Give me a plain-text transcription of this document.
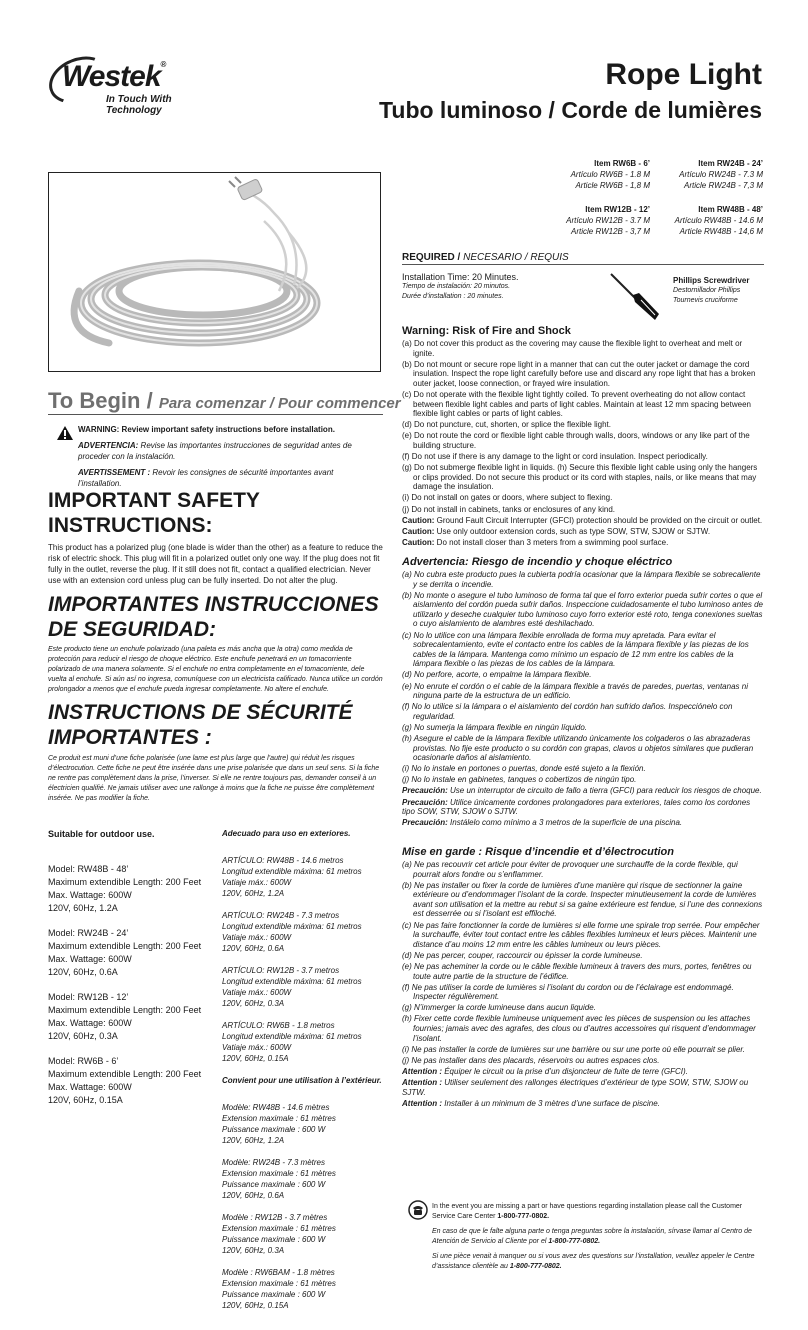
Westek®
In Touch With Technology
Rope Light
Tubo luminoso / Corde de lumières
To Begin / Para comenzar / Pour commencer

WARNING: Review important safety instructions before installation.

ADVERTENCIA: Revise las importantes instrucciones de seguridad antes de proceder con la instalación.

AVERTISSEMENT : Revoir les consignes de sécurité importantes avant l’installation.

IMPORTANT SAFETY INSTRUCTIONS:
This product has a polarized plug (one blade is wider than the other) as a feature to reduce the risk of electric shock. This plug will fit in a polarized outlet only one way. If the plug does not fit fully in the outlet, reverse the plug. If it still does not fit, contact a qualified electrician. Never use with an extension cord unless plug can be fully inserted. Do not alter the plug.
IMPORTANTES INSTRUCCIONES DE SEGURIDAD:
Este producto tiene un enchufe polarizado (una paleta es más ancha que la otra) como medida de protección para reducir el riesgo de choque eléctrico. Este enchufe penetrará en un tomacorriente polarizado de una manera solamente. Si el enchufe no entra completamente en el tomacorriente, dele vuelta al enchufe. Si aún así no ingresa, comuníquese con un electricista calificado. Nunca utilice un cordón prolongador a menos que el enchufe pueda ingresar completamente. No altere el enchufe.
INSTRUCTIONS DE SÉCURITÉ IMPORTANTES :
Ce produit est muni d’une fiche polarisée (une lame est plus large que l’autre) qui réduit les risques d’électrocution. Cette fiche ne peut être insérée dans une prise polarisée que dans un seul sens. Si la fiche ne rentre pas complètement dans la prise, l’inverser. Si elle ne rentre toujours pas, demander conseil à un électricien qualifié. Ne jamais utiliser avec une rallonge à moins que la fiche ne puisse être complètement insérée. Ne pas modifier la fiche.
Suitable for outdoor use.
Model: RW48B - 48’
Maximum extendible Length: 200 Feet
Max. Wattage: 600W
120V, 60Hz, 1.2A
Model: RW24B - 24’
Maximum extendible Length: 200 Feet
Max. Wattage: 600W
120V, 60Hz, 0.6A
Model: RW12B - 12’
Maximum extendible Length: 200 Feet
Max. Wattage: 600W
120V, 60Hz, 0.3A
Model: RW6B - 6’
Maximum extendible Length: 200 Feet
Max. Wattage: 600W
120V, 60Hz, 0.15A
Adecuado para uso en exteriores.
ARTÍCULO: RW48B - 14.6 metros
Longitud extendible máxima: 61 metros
Vatiaje máx.: 600W
120V, 60Hz, 1.2A
ARTÍCULO: RW24B - 7.3 metros
Longitud extendible máxima: 61 metros
Vatiaje máx.: 600W
120V, 60Hz, 0.6A
ARTÍCULO: RW12B - 3.7 metros
Longitud extendible máxima: 61 metros
Vatiaje máx.: 600W
120V, 60Hz, 0.3A
ARTÍCULO: RW6B - 1.8 metros
Longitud extendible máxima: 61 metros
Vatiaje máx.: 600W
120V, 60Hz, 0.15A
Convient pour une utilisation à l’extérieur.
Modèle: RW48B - 14.6 mètres
Extension maximale : 61 mètres
Puissance maximale : 600 W
120V, 60Hz, 1.2A
Modèle: RW24B - 7.3 mètres
Extension maximale : 61 mètres
Puissance maximale : 600 W
120V, 60Hz, 0.6A
Modèle : RW12B - 3.7 mètres
Extension maximale : 61 mètres
Puissance maximale : 600 W
120V, 60Hz, 0.3A
Modèle : RW6BAM - 1.8 mètres
Extension maximale : 61 mètres
Puissance maximale : 600 W
120V, 60Hz, 0.15A
Item RW6B - 6’
Artículo RW6B - 1.8 M
Article RW6B - 1,8 M
Item RW24B - 24’
Artículo RW24B - 7.3 M
Article RW24B - 7,3 M
Item RW12B - 12’
Artículo RW12B - 3.7 M
Article RW12B - 3,7 M
Item RW48B - 48’
Artículo RW48B - 14.6 M
Article RW48B - 14,6 M
REQUIRED / NECESARIO / REQUIS
Installation Time: 20 Minutes.
Tiempo de instalación: 20 minutos.
Durée d’installation : 20 minutes.
Phillips Screwdriver
Destornillador Phillips
Tournevis cruciforme
Warning: Risk of Fire and Shock

(a) Do not cover this product as the covering may cause the flexible light to overheat and melt or ignite.

(b) Do not mount or secure rope light in a manner that can cut the outer jacket or damage the cord insulation. Inspect the rope light carefully before use and discard any rope light that has a broken outer jacket, loose connection, or frayed wire insulation.

(c) Do not operate with the flexible light tightly coiled. To prevent overheating do not allow contact between flexible light cables and parts of light cables. Maintain at least 12 mm spacing between flexible light cables or parts of light cables.

(d) Do not puncture, cut, shorten, or splice the flexible light.

(e) Do not route the cord or flexible light cable through walls, doors, windows or any like part of the building structure.

(f) Do not use if there is any damage to the light or cord insulation. Inspect periodically.

(g) Do not submerge flexible light in liquids. (h) Secure this flexible light cable using only the hangers or clips provided. Do not secure this product or its cord with staples, nails, or like means that may damage the insulation.

(i) Do not install on gates or doors, where subject to flexing.

(j) Do not install in cabinets, tanks or enclosures of any kind.

Caution: Ground Fault Circuit Interrupter (GFCI) protection should be provided on the circuit or outlet.

Caution: Use only outdoor extension cords, such as type SOW, STW, SJOW or SJTW.

Caution: Do not install closer than 3 meters from a swimming pool surface.

Advertencia: Riesgo de incendio y choque eléctrico

(a) No cubra este producto pues la cubierta podría ocasionar que la lámpara flexible se sobrecaliente y se derrita o incendie.

(b) No monte o asegure el tubo luminoso de forma tal que el forro exterior pueda sufrir cortes o que el aislamiento del cordón pueda sufrir daños. Inspeccione cuidadosamente el tubo luminoso antes de utilizarlo y deseche cualquier tubo luminoso cuyo forro exterior esté roto, tenga conexiones sueltas o cuyo aislamiento de alambres esté deshilachado.

(c) No lo utilice con una lámpara flexible enrollada de forma muy apretada. Para evitar el sobrecalentamiento, evite el contacto entre los cables de la lámpara flexible y las piezas de los cables de la lámpara. Mantenga como mínimo un espacio de 12 mm entre los cables de la lámpara flexible o las piezas de los cables de la lámpara.

(d) No perfore, acorte, o empalme la lámpara flexible.

(e) No enrute el cordón o el cable de la lámpara flexible a través de paredes, puertas, ventanas ni ninguna parte de la estructura de un edificio.

(f) No lo utilice si la lámpara o el aislamiento del cordón han sufrido daños. Inspecciónelo con regularidad.

(g) No sumerja la lámpara flexible en ningún líquido.

(h) Asegure el cable de la lámpara flexible utilizando únicamente los colgaderos o las abrazaderas provistas. No fije este producto o su cordón con grapas, clavos u objetos similares que pudieran ocasionarle daños al aislamiento.

(i) No lo instale en portones o puertas, donde esté sujeto a la flexión.

(j) No lo instale en gabinetes, tanques o cobertizos de ningún tipo.

Precaución: Use un interruptor de circuito de fallo a tierra (GFCI) para reducir los riesgos de choque.

Precaución: Utilice únicamente cordones prolongadores para exteriores, tales como los cordones tipo SOW, STW, SJOW o SJTW.

Precaución: Instálelo como mínimo a 3 metros de la superficie de una piscina.

Mise en garde : Risque d’incendie et d’électrocution

(a) Ne pas recouvrir cet article pour éviter de provoquer une surchauffe de la corde flexible, qui pourrait alors fondre ou s’enflammer.

(b) Ne pas installer ou fixer la corde de lumières d’une manière qui risque de sectionner la gaine extérieure ou d’endommager l’isolant de la corde. Inspecter minutieusement la corde de lumières avant son utilisation et la mettre au rebut si sa gaine extérieure est fendue, si l’une des connexions est desserrée ou si l’isolant est effiloché.

(c) Ne pas faire fonctionner la corde de lumières si elle forme une spirale trop serrée. Pour empêcher la surchauffe, éviter tout contact entre les câbles flexibles lumineux et leurs pièces. Maintenir une distance d’au moins 12 mm entre les câbles lumineux ou leurs pièces.

(d) Ne pas percer, couper, raccourcir ou épisser la corde lumineuse.

(e) Ne pas acheminer la corde ou le câble flexible lumineux à travers des murs, portes, fenêtres ou toute autre partie de la structure de l’édifice.

(f) Ne pas utiliser la corde de lumières si l’isolant du cordon ou de l’éclairage est endommagé. Inspecter régulièrement.

(g) N’immerger la corde lumineuse dans aucun liquide.

(h) Fixer cette corde flexible lumineuse uniquement avec les pièces de suspension ou les attaches fournies; jamais avec des agrafes, des clous ou d’autres accessoires qui risquent d’endommager l’isolant.

(i) Ne pas installer la corde de lumières sur une barrière ou sur une porte où elle pourrait se plier.

(j) Ne pas installer dans des placards, réservoirs ou autres espaces clos.

Attention : Équiper le circuit ou la prise d’un disjoncteur de fuite de terre (GFCI).

Attention : Utiliser seulement des rallonges électriques d’extérieur de type SOW, STW, SJOW ou SJTW.

Attention : Installer à un minimum de 3 mètres d’une surface de piscine.

In the event you are missing a part or have questions regarding installation please call the Customer Service Care Center 1-800-777-0802.

En caso de que le falte alguna parte o tenga preguntas sobre la instalación, sírvase llamar al Centro de Atención de Servicio al Cliente por el 1-800-777-0802.

Si une pièce venait à manquer ou si vous avez des questions sur l’installation, veuillez appeler le Centre d’assistance clientèle au 1-800-777-0802.
